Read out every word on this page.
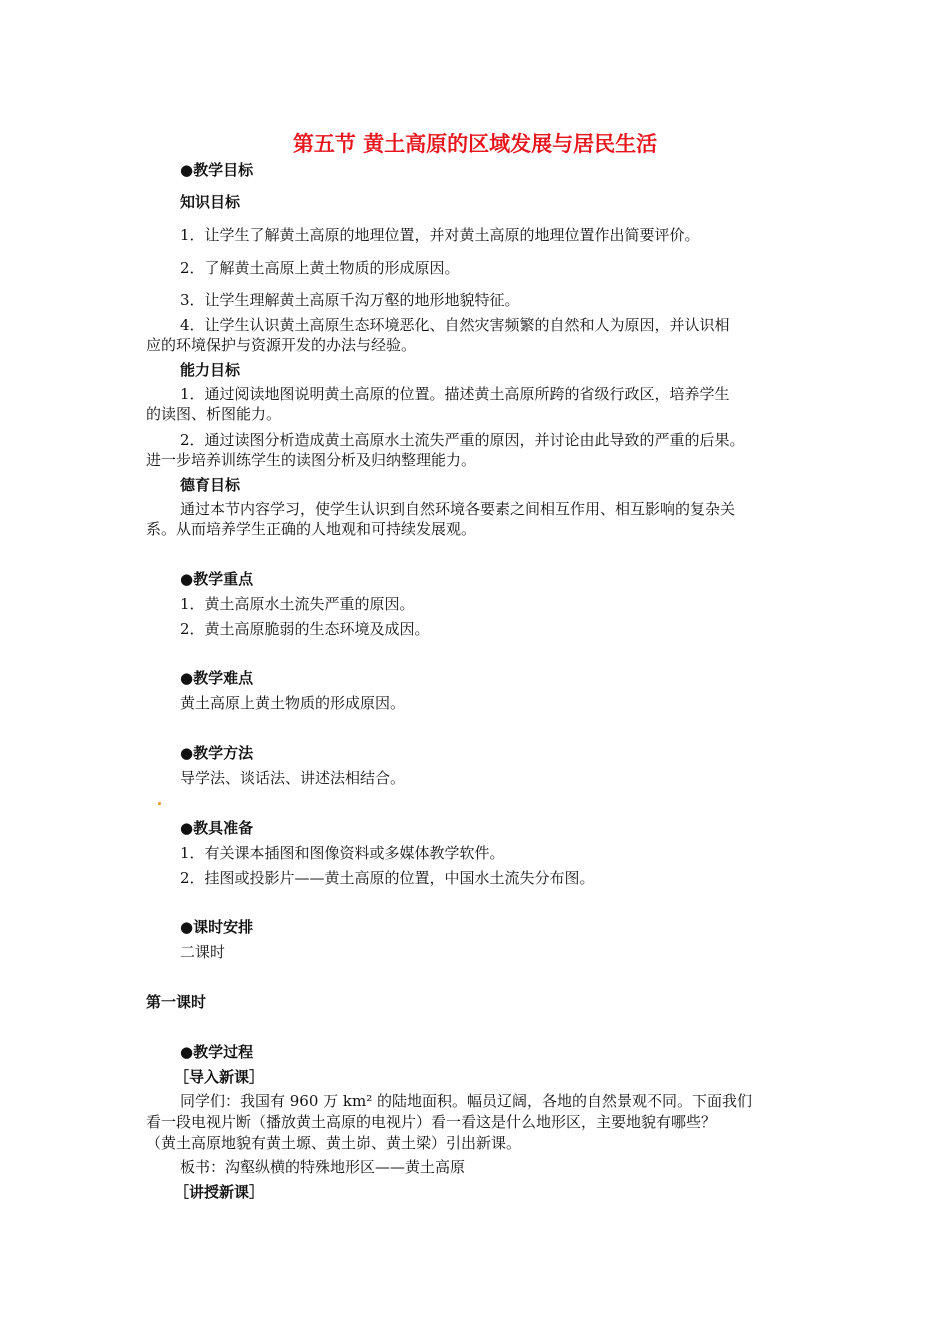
第五节 黄土高原的区域发展与居民生活
●教学目标
知识目标
1．让学生了解黄土高原的地理位置，并对黄土高原的地理位置作出简要评价。
2．了解黄土高原上黄土物质的形成原因。
3．让学生理解黄土高原千沟万壑的地形地貌特征。
4．让学生认识黄土高原生态环境恶化、自然灾害频繁的自然和人为原因，并认识相
应的环境保护与资源开发的办法与经验。
能力目标
1．通过阅读地图说明黄土高原的位置。描述黄土高原所跨的省级行政区，培养学生
的读图、析图能力。
2．通过读图分析造成黄土高原水土流失严重的原因，并讨论由此导致的严重的后果。
进一步培养训练学生的读图分析及归纳整理能力。
德育目标
通过本节内容学习，使学生认识到自然环境各要素之间相互作用、相互影响的复杂关
系。从而培养学生正确的人地观和可持续发展观。
●教学重点
1．黄土高原水土流失严重的原因。
2．黄土高原脆弱的生态环境及成因。
●教学难点
黄土高原上黄土物质的形成原因。
●教学方法
导学法、谈话法、讲述法相结合。
●教具准备
1．有关课本插图和图像资料或多媒体教学软件。
2．挂图或投影片——黄土高原的位置，中国水土流失分布图。
●课时安排
二课时
第一课时
●教学过程
［导入新课］
同学们：我国有 960 万 km² 的陆地面积。幅员辽阔，各地的自然景观不同。下面我们
看一段电视片断（播放黄土高原的电视片）看一看这是什么地形区，主要地貌有哪些？
（黄土高原地貌有黄土塬、黄土峁、黄土梁）引出新课。
板书：沟壑纵横的特殊地形区——黄土高原
［讲授新课］
